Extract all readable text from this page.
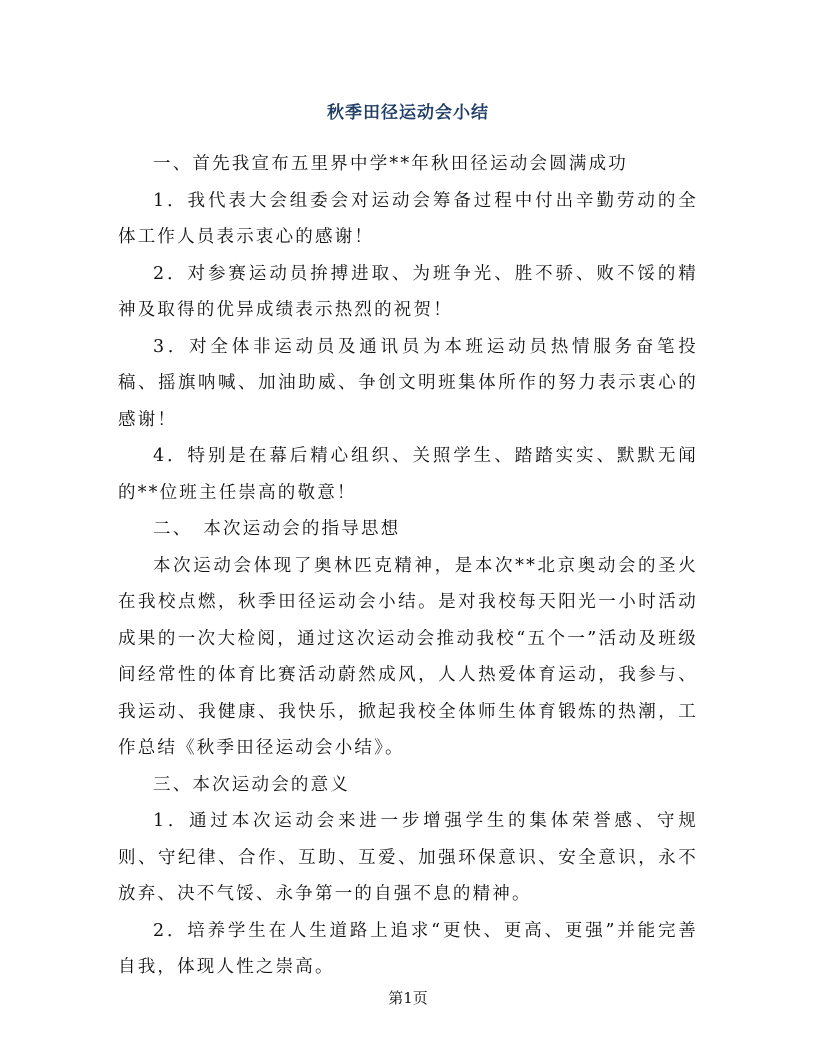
秋季田径运动会小结

一、首先我宣布五里界中学**年秋田径运动会圆满成功

1．我代表大会组委会对运动会筹备过程中付出辛勤劳动的全体工作人员表示衷心的感谢！

2．对参赛运动员拚搏进取、为班争光、胜不骄、败不馁的精神及取得的优异成绩表示热烈的祝贺！

3．对全体非运动员及通讯员为本班运动员热情服务奋笔投稿、摇旗呐喊、加油助威、争创文明班集体所作的努力表示衷心的感谢！

4．特别是在幕后精心组织、关照学生、踏踏实实、默默无闻的**位班主任崇高的敬意！

二、　本次运动会的指导思想

本次运动会体现了奥林匹克精神，是本次**北京奥动会的圣火在我校点燃，秋季田径运动会小结。是对我校每天阳光一小时活动成果的一次大检阅，通过这次运动会推动我校“五个一”活动及班级间经常性的体育比赛活动蔚然成风，人人热爱体育运动，我参与、我运动、我健康、我快乐，掀起我校全体师生体育锻炼的热潮，工作总结《秋季田径运动会小结》。

三、本次运动会的意义

1．通过本次运动会来进一步增强学生的集体荣誉感、守规则、守纪律、合作、互助、互爱、加强环保意识、安全意识，永不放弃、决不气馁、永争第一的自强不息的精神。

2．培养学生在人生道路上追求“更快、更高、更强”并能完善自我，体现人性之崇高。

第1页
